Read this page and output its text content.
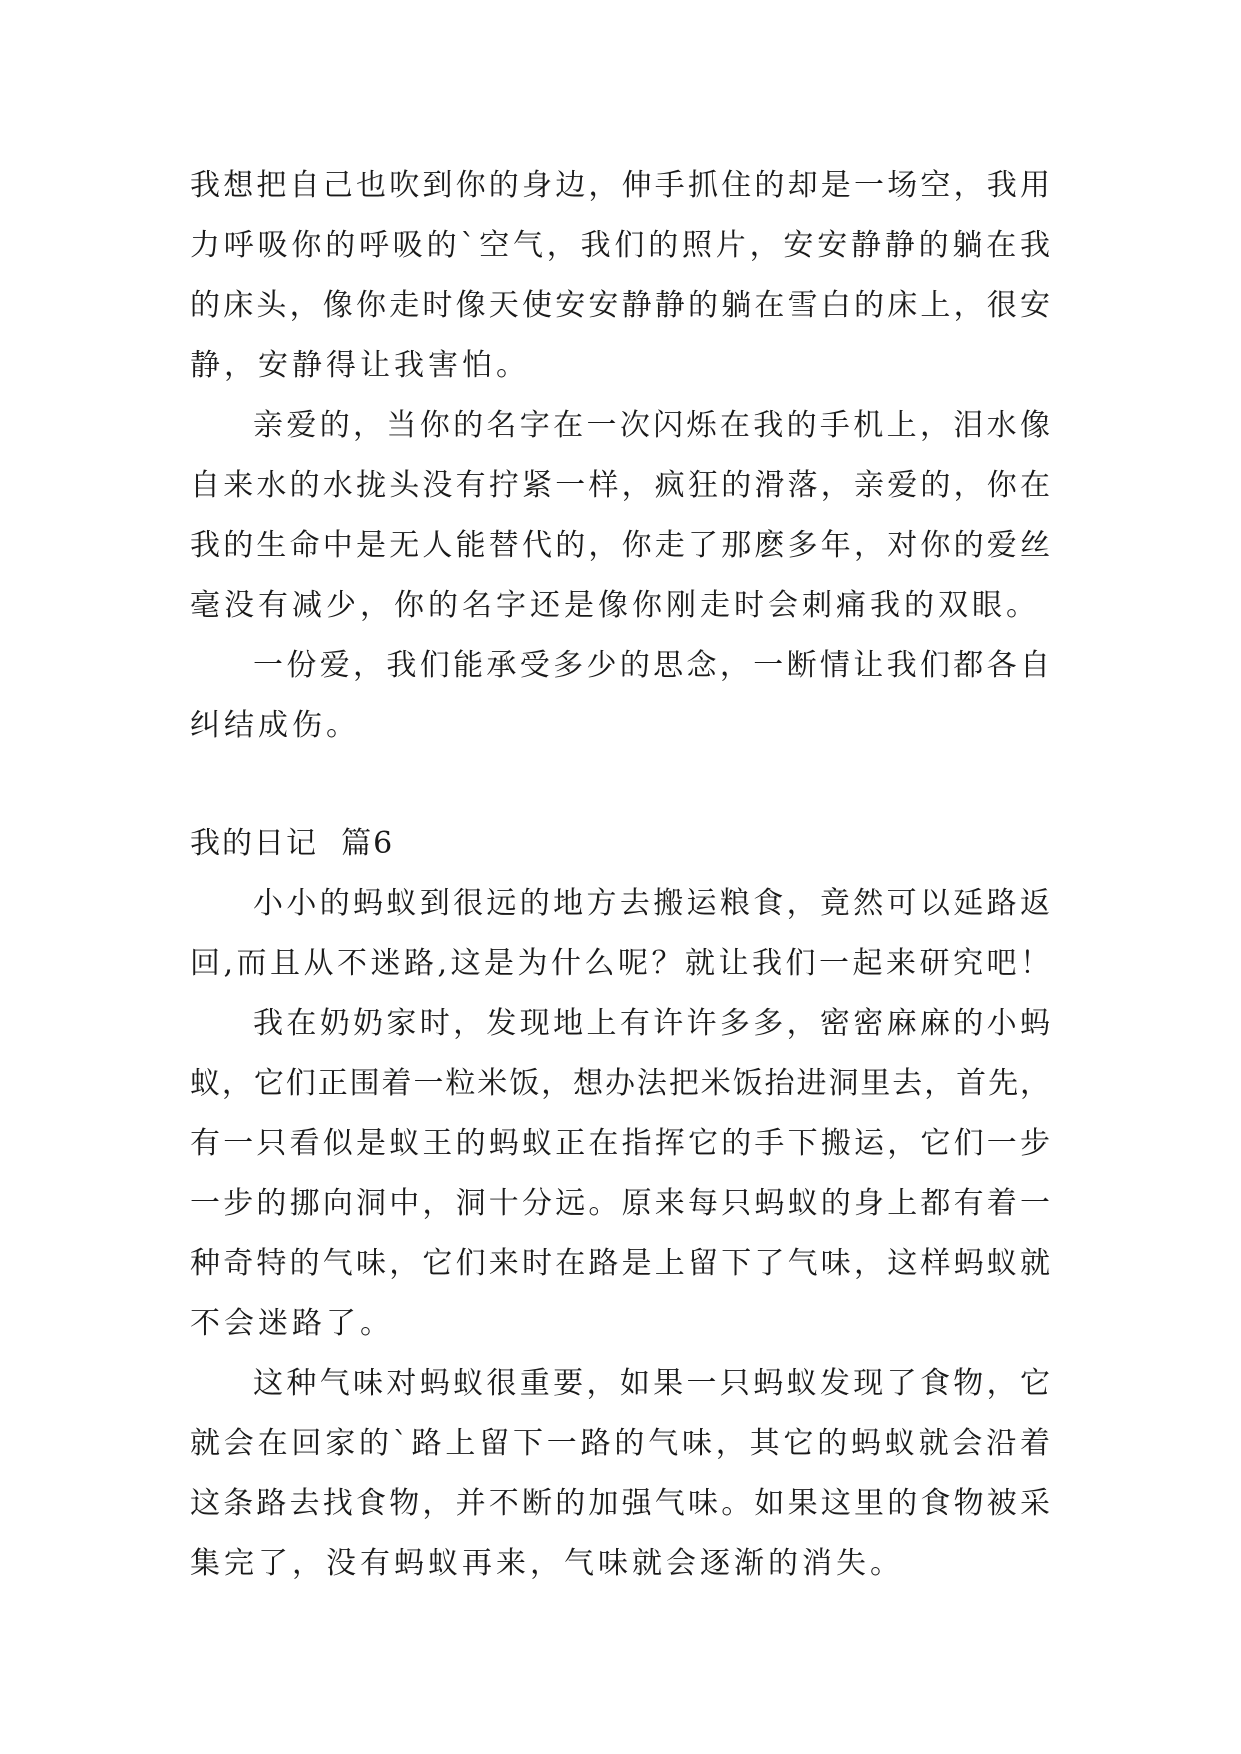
我想把自己也吹到你的身边，伸手抓住的却是一场空，我用
力呼吸你的呼吸的`空气，我们的照片，安安静静的躺在我
的床头，像你走时像天使安安静静的躺在雪白的床上，很安
静，安静得让我害怕。
亲爱的，当你的名字在一次闪烁在我的手机上，泪水像
自来水的水拢头没有拧紧一样，疯狂的滑落，亲爱的，你在
我的生命中是无人能替代的，你走了那麽多年，对你的爱丝
毫没有减少，你的名字还是像你刚走时会刺痛我的双眼。
一份爱，我们能承受多少的思念，一断情让我们都各自
纠结成伤。
我的日记  篇6
小小的蚂蚁到很远的地方去搬运粮食，竟然可以延路返
回,而且从不迷路,这是为什么呢？就让我们一起来研究吧！
我在奶奶家时，发现地上有许许多多，密密麻麻的小蚂
蚁，它们正围着一粒米饭，想办法把米饭抬进洞里去，首先，
有一只看似是蚁王的蚂蚁正在指挥它的手下搬运，它们一步
一步的挪向洞中，洞十分远。原来每只蚂蚁的身上都有着一
种奇特的气味，它们来时在路是上留下了气味，这样蚂蚁就
不会迷路了。
这种气味对蚂蚁很重要，如果一只蚂蚁发现了食物，它
就会在回家的`路上留下一路的气味，其它的蚂蚁就会沿着
这条路去找食物，并不断的加强气味。如果这里的食物被采
集完了，没有蚂蚁再来，气味就会逐渐的消失。
